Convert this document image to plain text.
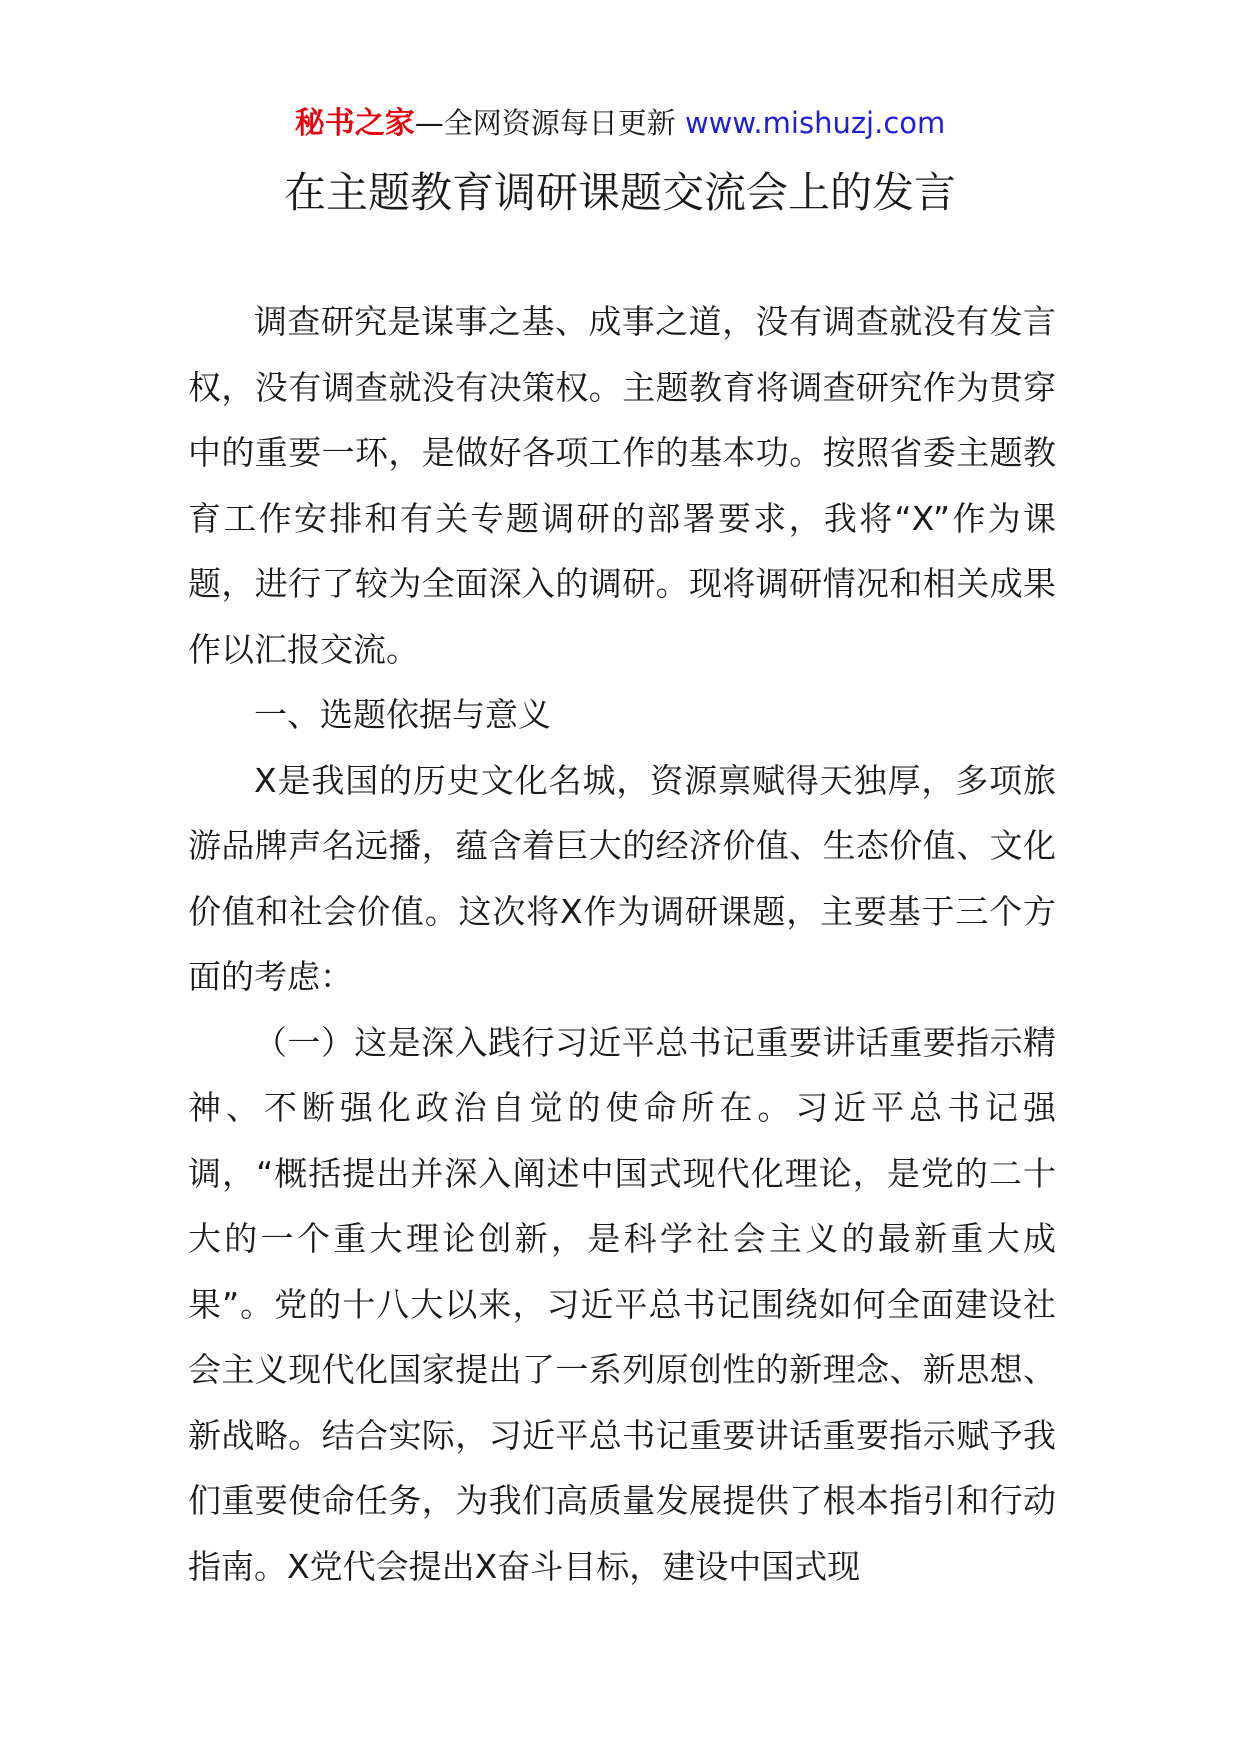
秘书之家—全网资源每日更新 www.mishuzj.com
在主题教育调研课题交流会上的发言

调查研究是谋事之基、成事之道，没有调查就没有发言权，没有调查就没有决策权。主题教育将调查研究作为贯穿中的重要一环，是做好各项工作的基本功。按照省委主题教育工作安排和有关专题调研的部署要求，我将“X”作为课题，进行了较为全面深入的调研。现将调研情况和相关成果作以汇报交流。

一、选题依据与意义

X是我国的历史文化名城，资源禀赋得天独厚，多项旅游品牌声名远播，蕴含着巨大的经济价值、生态价值、文化价值和社会价值。这次将X作为调研课题，主要基于三个方面的考虑：

（一）这是深入践行习近平总书记重要讲话重要指示精神、不断强化政治自觉的使命所在。习近平总书记强调，“概括提出并深入阐述中国式现代化理论，是党的二十大的一个重大理论创新，是科学社会主义的最新重大成果”。党的十八大以来，习近平总书记围绕如何全面建设社会主义现代化国家提出了一系列原创性的新理念、新思想、新战略。结合实际，习近平总书记重要讲话重要指示赋予我们重要使命任务，为我们高质量发展提供了根本指引和行动指南。X党代会提出X奋斗目标，建设中国式现
